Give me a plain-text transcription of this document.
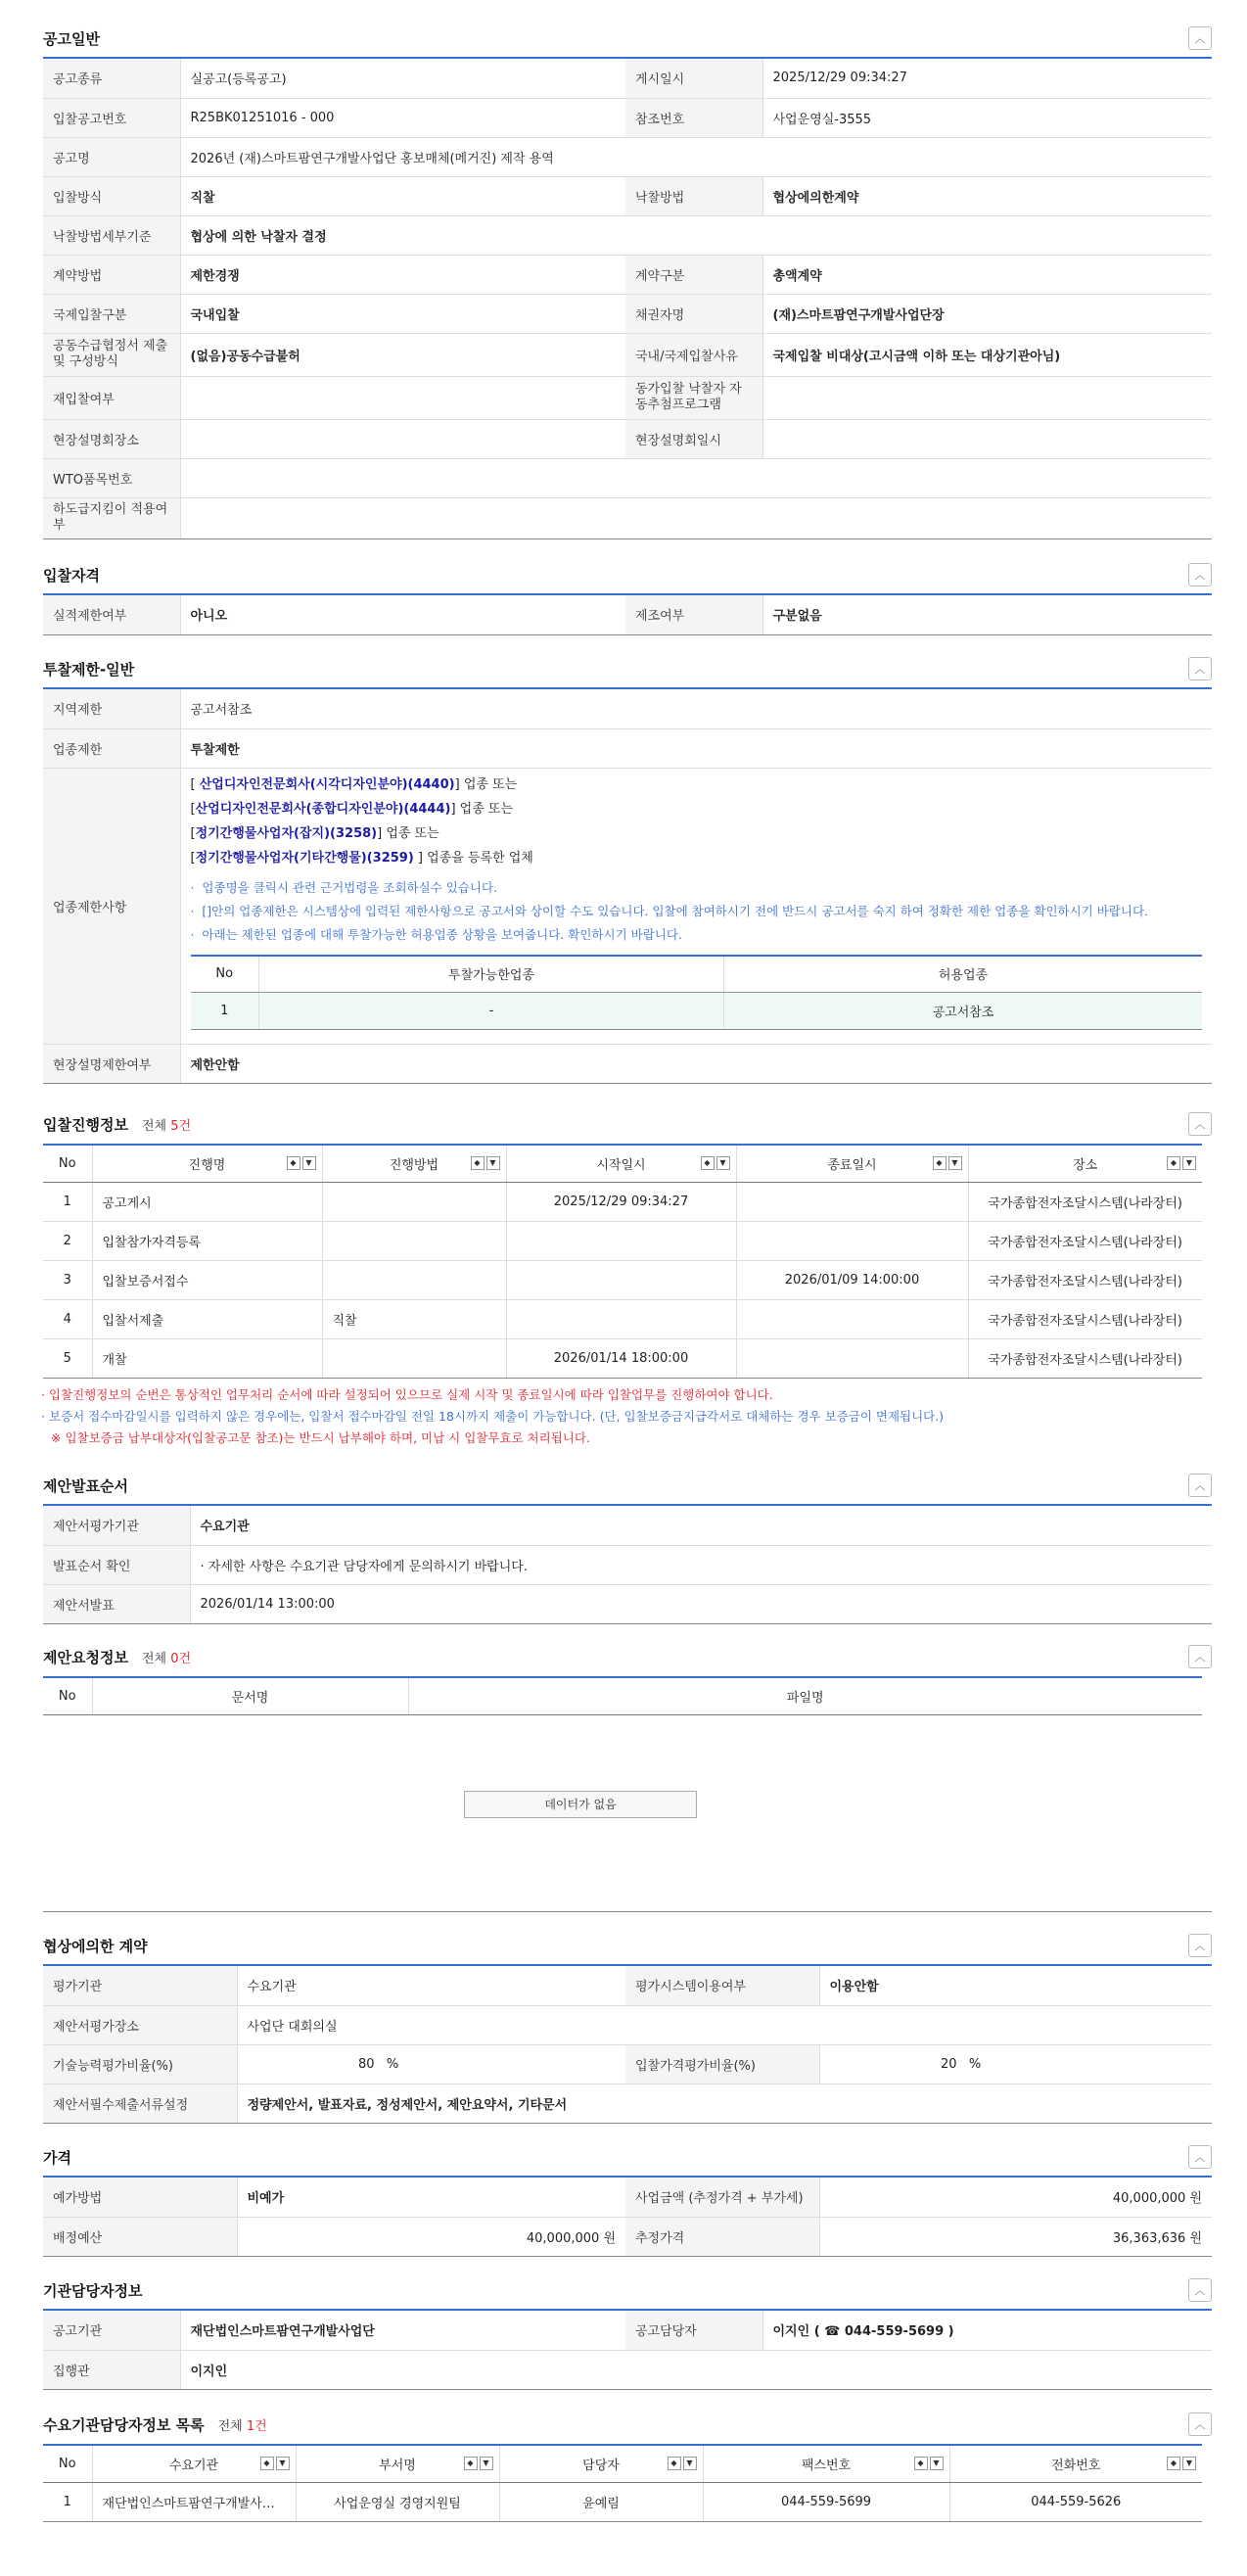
공고일반	︿
공고종류	실공고(등록공고)	게시일시	2025/12/29 09:34:27
입찰공고번호	R25BK01251016 - 000	참조번호	사업운영실-3555
공고명	2026년 (재)스마트팜연구개발사업단 홍보매체(메거진) 제작 용역		
입찰방식	직찰	낙찰방법	협상에의한계약
낙찰방법세부기준	협상에 의한 낙찰자 결정		
계약방법	제한경쟁	계약구분	총액계약
국제입찰구분	국내입찰	채권자명	(재)스마트팜연구개발사업단장
공동수급협정서 제출 및 구성방식	(없음)공동수급불허	국내/국제입찰사유	국제입찰 비대상(고시금액 이하 또는 대상기관아님)
재입찰여부		동가입찰 낙찰자 자동추첨프로그램	
현장설명회장소		현장설명회일시	
WTO품목번호			
하도급지킴이 적용여부			
입찰자격	︿
실적제한여부	아니오	제조여부	구분없음
투찰제한-일반	︿
지역제한	공고서참조
업종제한	투찰제한
업종제한사항	
[ 산업디자인전문회사(시각디자인분야)(4440)] 업종 또는
[산업디자인전문회사(종합디자인분야)(4444)] 업종 또는
[정기간행물사업자(잡지)(3258)] 업종 또는
[정기간행물사업자(기타간행물)(3259) ] 업종을 등록한 업체
·  업종명을 클릭시 관련 근거법령을 조회하실수 있습니다.
·  []안의 업종제한은 시스템상에 입력된 제한사항으로 공고서와 상이할 수도 있습니다. 입찰에 참여하시기 전에 반드시 공고서를 숙지 하여 정확한 제한 업종을 확인하시기 바랍니다.
·  아래는 제한된 업종에 대해 투찰가능한 허용업종 상황을 보여줍니다. 확인하시기 바랍니다.
No	투찰가능한업종	허용업종
1	-	공고서참조

현장설명제한여부	제한안함
입찰진행정보 전체 5건	︿
No	진행명 ◆ ▼	진행방법 ◆ ▼	시작일시 ◆ ▼	종료일시 ◆ ▼	장소 ◆ ▼

1	공고게시		2025/12/29 09:34:27		국가종합전자조달시스템(나라장터)
2	입찰참가자격등록				국가종합전자조달시스템(나라장터)
3	입찰보증서접수			2026/01/09 14:00:00	국가종합전자조달시스템(나라장터)
4	입찰서제출	직찰			국가종합전자조달시스템(나라장터)
5	개찰		2026/01/14 18:00:00		국가종합전자조달시스템(나라장터)
· 입찰진행정보의 순번은 통상적인 업무처리 순서에 따라 설정되어 있으므로 실제 시작 및 종료일시에 따라 입찰업무를 진행하여야 합니다.
· 보증서 접수마감일시를 입력하지 않은 경우에는, 입찰서 접수마감일 전일 18시까지 제출이 가능합니다. (단, 입찰보증금지급각서로 대체하는 경우 보증금이 면제됩니다.)
※ 입찰보증금 납부대상자(입찰공고문 참조)는 반드시 납부해야 하며, 미납 시 입찰무효로 처리됩니다.
제안발표순서	︿
제안서평가기관	수요기관
발표순서 확인	· 자세한 사항은 수요기관 담당자에게 문의하시기 바랍니다.
제안서발표	2026/01/14 13:00:00
제안요청정보 전체 0건	︿
No	문서명	파일명
데이터가 없음
협상에의한 계약	︿
평가기관	수요기관	평가시스템이용여부	이용안함
제안서평가장소	사업단 대회의실		
기술능력평가비율(%)	80 %	입찰가격평가비율(%)	20 %
제안서필수제출서류설정	정량제안서, 발표자료, 정성제안서, 제안요약서, 기타문서		
가격	︿
예가방법	비예가	사업금액 (추정가격 + 부가세)	40,000,000 원
배정예산	40,000,000 원	추정가격	36,363,636 원
기관담당자정보	︿
공고기관	재단법인스마트팜연구개발사업단	공고담당자	이지인 ( ☎ 044-559-5699 )
집행관	이지인		
수요기관담당자정보 목록 전체 1건	︿
No	수요기관 ◆ ▼	부서명 ◆ ▼	담당자 ◆ ▼	팩스번호 ◆ ▼	전화번호 ◆ ▼

1	재단법인스마트팜연구개발사…	사업운영실 경영지원팀	윤예림	044-559-5699	044-559-5626
